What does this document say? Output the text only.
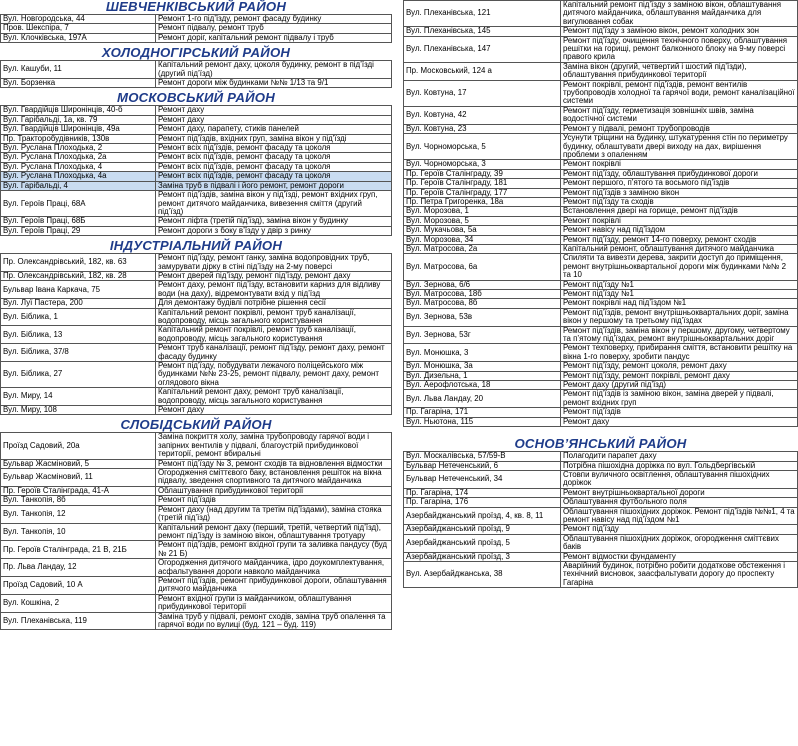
ШЕВЧЕНКІВСЬКИЙ РАЙОН
Вул. Новгородська, 44	Ремонт 1-го під’їзду, ремонт фасаду будинку
Пров. Шекспіра, 7	Ремонт підвалу, ремонт труб
Вул. Клочківська, 197А	Ремонт доріг, капітальний ремонт підвалу і труб
ХОЛОДНОГІРСЬКИЙ РАЙОН
Вул. Кашуби, 11	Капітальний ремонт даху, цоколя будинку, ремонт в під’їзді (другий під’їзд)
Вул. Борзенка	Ремонт дороги між будинками №№ 1/13 та 9/1
МОСКОВСЬКИЙ РАЙОН
Вул. Гвардійців Широнінців, 40-б	Ремонт даху
Вул. Гарібальді, 1а, кв. 79	Ремонт даху
Вул. Гвардійців Широнінців, 49а	Ремонт даху, парапету, стиків панелей
Пр. Тракторобудівників, 130в	Ремонт під’їздів, вхідних груп, заміна вікон у під’їзді
Вул. Руслана Плоходька, 2	Ремонт всіх під’їздів, ремонт фасаду та цоколя
Вул. Руслана Плоходька, 2а	Ремонт всіх під’їздів, ремонт фасаду та цоколя
Вул. Руслана Плоходька, 4	Ремонт всіх під’їздів, ремонт фасаду та цоколя
Вул. Руслана Плоходька, 4а	Ремонт всіх під’їздів, ремонт фасаду та цоколя
Вул. Гарібальді, 4	Заміна труб в підвалі і його ремонт, ремонт дороги
Вул. Героїв Праці, 68А	Ремонт під’їздів, заміна вікон у під’їзді, ремонт вхідних груп, ремонт дитячого майданчика, вивезення сміття (другий під’їзд)
Вул. Героїв Праці, 68Б	Ремонт ліфта (третій під’їзд), заміна вікон у будинку
Вул. Героїв Праці, 29	Ремонт дороги з боку в’їзду у двір з ринку
ІНДУСТРІАЛЬНИЙ РАЙОН
Пр. Олександрівський, 182, кв. 63	Ремонт під’їзду, ремонт ганку, заміна водопровідних труб, замурувати дірку в стіні під’їзду на 2-му поверсі
Пр. Олександрівський, 182, кв. 28	Ремонт дверей під’їзду, ремонт під’їзду, ремонт даху
Бульвар Івана Каркача, 75	Ремонт даху, ремонт під’їзду, встановити карниз для відливу води (на даху), відремонтувати вхід у під’їзд
Вул. Луї Пастера, 200	Для демонтажу будівлі потрібне рішення сесії
Вул. Біблика, 1	Капітальний ремонт покрівлі, ремонт труб каналізації, водопроводу, місць загального користування
Вул. Біблика, 13	Капітальний ремонт покрівлі, ремонт труб каналізації, водопроводу, місць загального користування
Вул. Біблика, 37/8	Ремонт труб каналізації, ремонт під’їзду, ремонт даху, ремонт фасаду будинку
Вул. Біблика, 27	Ремонт під’їзду, побудувати лежачого поліцейського між будинками №№ 23-25, ремонт підвалу, ремонт даху, ремонт оглядового вікна
Вул. Миру, 14	Капітальний ремонт даху, ремонт труб каналізації, водопроводу, місць загального користування
Вул. Миру, 108	Ремонт даху
СЛОБІДСЬКИЙ РАЙОН
Проїзд Садовий, 20а	Заміна покриття холу, заміна трубопроводу гарячої води і запірних вентилів у підвалі, благоустрій прибудинкової території, ремонт вбиральні
Бульвар Жасміновий, 5	Ремонт під’їзду № 3, ремонт сходів та відновлення відмостки
Бульвар Жасміновий, 11	Огородження сміттєвого баку, встановлення решіток на вікна підвалу, зведення спортивного та дитячого майданчика
Пр. Героїв Сталінграда, 41-А	Облаштування прибудинкової території
Вул. Танкопія, 8б	Ремонт під’їздів
Вул. Танкопія, 12	Ремонт даху (над другим та третім під’їздами), заміна стояка (третій під’їзд)
Вул. Танкопія, 10	Капітальний ремонт даху (перший, третій, четвертий під’їзд), ремонт під’їзду із заміною вікон, облаштування тротуару
Пр. Героїв Сталінграда, 21 В, 21Б	Ремонт під’їздів, ремонт вхідної групи та заливка пандусу (буд № 21 Б)
Пр. Льва Ландау, 12	Огородження дитячого майданчика, ідро доукомплектування, асфальтування дороги навколо майданчика
Проїзд Садовий, 10 А	Ремонт під’їздів, ремонт прибудинкової дороги, облаштування дитячого майданчика
Вул. Кошкіна, 2	Ремонт вхідної групи із майданчиком, облаштування прибудинкової території
Вул. Плеханівська, 119	Заміна труб у підвалі, ремонт сходів, заміна труб опалення та гарячої води по вулиці (буд. 121 – буд. 119)
Вул. Плеханівська, 121	Капітальний ремонт під’їзду з заміною вікон, облаштування дитячого майданчика, облаштування майданчика для вигулювання собак
Вул. Плеханівська, 145	Ремонт під’їзду з заміною вікон, ремонт холодних зон
Вул. Плеханівська, 147	Ремонт під’їзду, очищення технічного поверху, облаштування решітки на горищі, ремонт балконного блоку на 9-му поверсі правого крила
Пр. Московський, 124 а	Заміна вікон (другий, четвертий і шостий під’їзди), облаштування прибудинкової території
Вул. Ковтуна, 17	Ремонт покрівлі, ремонт під’їздів, ремонт вентилів трубопроводів холодної та гарячої води, ремонт каналізаційної системи
Вул. Ковтуна, 42	Ремонт під’їзду, герметизація зовнішніх швів, заміна водостічної системи
Вул. Ковтуна, 23	Ремонт у підвалі, ремонт трубопроводів
Вул. Чорноморська, 5	Усунути тріщини на будинку, штукатурення стін по периметру будинку, облаштувати двері виходу на дах, вирішення проблеми з опаленням
Вул. Чорноморська, 3	Ремонт покрівлі
Пр. Героїв Сталінграду, 39	Ремонт під’їзду, облаштування прибудинкової дороги
Пр. Героїв Сталінграду, 181	Ремонт першого, п’ятого та восьмого під’їздів
Пр. Героїв Сталінграду, 177	Ремонт під’їздів з заміною вікон
Пр. Петра Григоренка, 18а	Ремонт під’їзду та сходів
Вул. Морозова, 1	Встановлення двері на горище, ремонт під’їздів
Вул. Морозова, 5	Ремонт покрівлі
Вул. Мукачьова, 5а	Ремонт навісу над під’їздом
Вул. Морозова, 34	Ремонт під’їзду, ремонт 14-го поверху, ремонт сходів
Вул. Матросова, 2а	Капітальний ремонт, облаштування дитячого майданчика
Вул. Матросова, 6а	Спиляти та вивезти дерева, закрити доступ до приміщення, ремонт внутрішньоквартальної дороги між будинками №№ 2 та 10
Вул. Зернова, 6/6	Ремонт під’їзду №1
Вул. Матросова, 18б	Ремонт під’їзду №1
Вул. Матросова, 8б	Ремонт покрівлі над під’їздом №1
Вул. Зернова, 53в	Ремонт під’їздів, ремонт внутрішньоквартальних доріг, заміна вікон у першому та третьому під’їздах
Вул. Зернова, 53г	Ремонт під’їздів, заміна вікон у першому, другому, четвертому та п’ятому під’їздах, ремонт внутрішньоквартальних доріг
Вул. Монюшка, 3	Ремонт техповерху, прибирання сміття, встановити решітку на вікна 1-го поверху, зробити пандус
Вул. Монюшка, 3а	Ремонт під’їзду, ремонт цоколя, ремонт даху
Вул. Дизельна, 1	Ремонт під’їзду, ремонт покрівлі, ремонт даху
Вул. Аерофлотська, 18	Ремонт даху (другий під’їзд)
Вул. Льва Ландау, 20	Ремонт під’їздів із заміною вікон, заміна дверей у підвалі, ремонт вхідних груп
Пр. Гагаріна, 171	Ремонт під’їздів
Вул. Ньютона, 115	Ремонт даху
ОСНОВ’ЯНСЬКИЙ РАЙОН
Вул. Москалівська, 57/59-В	Полагодити парапет даху
Бульвар Нетеченський, 6	Потрібна пішохідна доріжка по вул. Гольдбергівській
Бульвар Нетеченський, 34	Стовпи вуличного освітлення, облаштування пішохідних доріжок
Пр. Гагаріна, 174	Ремонт внутрішньоквартальної дороги
Пр. Гагаріна, 176	Облаштування футбольного поля
Азербайджанський проїзд, 4, кв. 8, 11	Облаштування пішохідних доріжок. Ремонт під’їздів №№1, 4 та ремонт навісу над під’їздом №1
Азербайджанський проїзд, 9	Ремонт під’їзду
Азербайджанський проїзд, 5	Облаштування пішохідних доріжок, огородження сміттєвих баків
Азербайджанський проїзд, 3	Ремонт відмостки фундаменту
Вул. Азербайджанська, 38	Аварійний будинок, потрібно робити додаткове обстеження і технічний висновок, заасфальтувати дорогу до проспекту Гагаріна
